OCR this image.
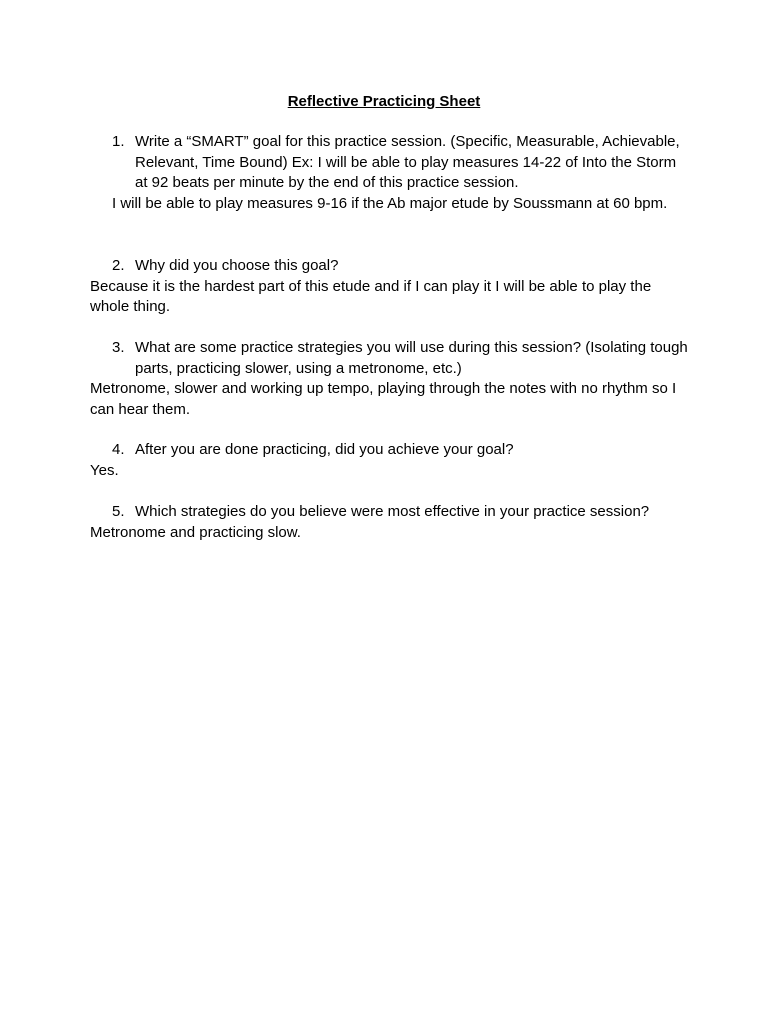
Reflective Practicing Sheet
1. Write a “SMART” goal for this practice session. (Specific, Measurable, Achievable, Relevant, Time Bound) Ex: I will be able to play measures 14-22 of Into the Storm at 92 beats per minute by the end of this practice session.

I will be able to play measures 9-16 if the Ab major etude by Soussmann at 60 bpm.

2. Why did you choose this goal?

Because it is the hardest part of this etude and if I can play it I will be able to play the whole thing.

3. What are some practice strategies you will use during this session? (Isolating tough parts, practicing slower, using a metronome, etc.)

Metronome, slower and working up tempo, playing through the notes with no rhythm so I can hear them.

4. After you are done practicing, did you achieve your goal?

Yes.

5. Which strategies do you believe were most effective in your practice session?

Metronome and practicing slow.
